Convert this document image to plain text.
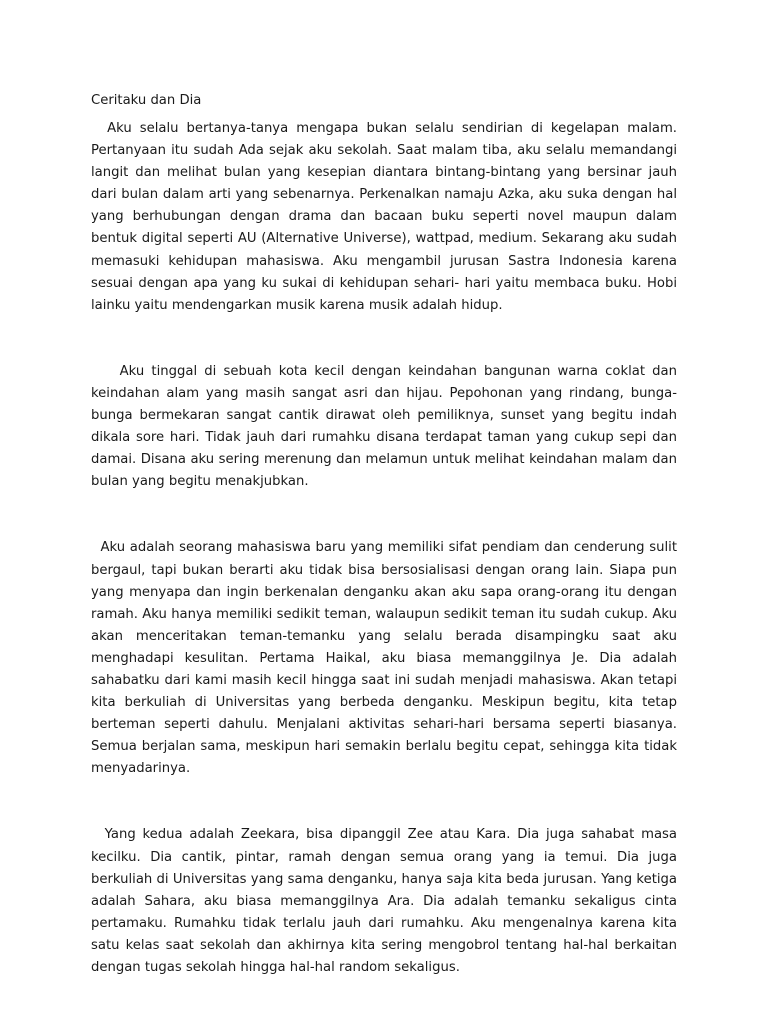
Ceritaku dan Dia

Aku selalu bertanya-tanya mengapa bukan selalu sendirian di kegelapan malam. Pertanyaan itu sudah Ada sejak aku sekolah. Saat malam tiba, aku selalu memandangi langit dan melihat bulan yang kesepian diantara bintang-bintang yang bersinar jauh dari bulan dalam arti yang sebenarnya. Perkenalkan namaju Azka, aku suka dengan hal yang berhubungan dengan drama dan bacaan buku seperti novel maupun dalam bentuk digital seperti AU (Alternative Universe), wattpad, medium. Sekarang aku sudah memasuki kehidupan mahasiswa. Aku mengambil jurusan Sastra Indonesia karena sesuai dengan apa yang ku sukai di kehidupan sehari- hari yaitu membaca buku. Hobi lainku yaitu mendengarkan musik karena musik adalah hidup.

Aku tinggal di sebuah kota kecil dengan keindahan bangunan warna coklat dan keindahan alam yang masih sangat asri dan hijau. Pepohonan yang rindang, bunga-bunga bermekaran sangat cantik dirawat oleh pemiliknya, sunset yang begitu indah dikala sore hari. Tidak jauh dari rumahku disana terdapat taman yang cukup sepi dan damai. Disana aku sering merenung dan melamun untuk melihat keindahan malam dan bulan yang begitu menakjubkan.

Aku adalah seorang mahasiswa baru yang memiliki sifat pendiam dan cenderung sulit bergaul, tapi bukan berarti aku tidak bisa bersosialisasi dengan orang lain. Siapa pun yang menyapa dan ingin berkenalan denganku akan aku sapa orang-orang itu dengan ramah. Aku hanya memiliki sedikit teman, walaupun sedikit teman itu sudah cukup. Aku akan menceritakan teman-temanku yang selalu berada disampingku saat aku menghadapi kesulitan. Pertama Haikal, aku biasa memanggilnya Je. Dia adalah sahabatku dari kami masih kecil hingga saat ini sudah menjadi mahasiswa. Akan tetapi kita berkuliah di Universitas yang berbeda denganku. Meskipun begitu, kita tetap berteman seperti dahulu. Menjalani aktivitas sehari-hari bersama seperti biasanya. Semua berjalan sama, meskipun hari semakin berlalu begitu cepat, sehingga kita tidak menyadarinya.

Yang kedua adalah Zeekara, bisa dipanggil Zee atau Kara. Dia juga sahabat masa kecilku. Dia cantik, pintar, ramah dengan semua orang yang ia temui. Dia juga berkuliah di Universitas yang sama denganku, hanya saja kita beda jurusan. Yang ketiga adalah Sahara, aku biasa memanggilnya Ara. Dia adalah temanku sekaligus cinta pertamaku. Rumahku tidak terlalu jauh dari rumahku. Aku mengenalnya karena kita satu kelas saat sekolah dan akhirnya kita sering mengobrol tentang hal-hal berkaitan dengan tugas sekolah hingga hal-hal random sekaligus.
